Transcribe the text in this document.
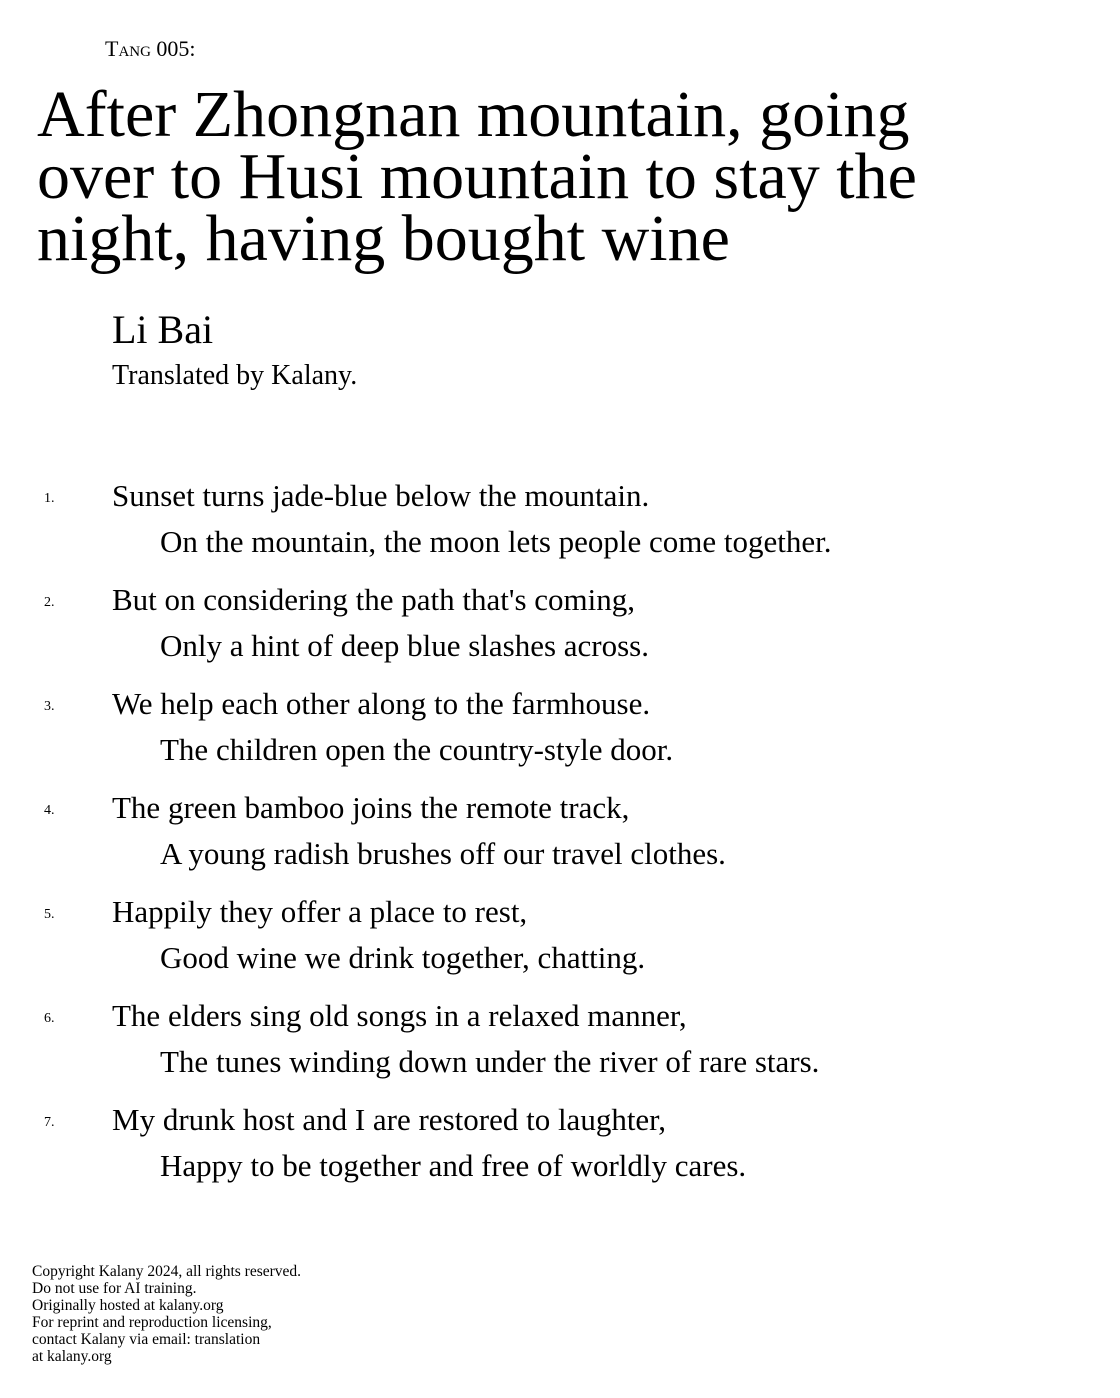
Tang 005:
After Zhongnan mountain, going
over to Husi mountain to stay the
night, having bought wine
Li Bai
Translated by Kalany.
1. Sunset turns jade-blue below the mountain.
On the mountain, the moon lets people come together.
2. But on considering the path that's coming,
Only a hint of deep blue slashes across.
3. We help each other along to the farmhouse.
The children open the country-style door.
4. The green bamboo joins the remote track,
A young radish brushes off our travel clothes.
5. Happily they offer a place to rest,
Good wine we drink together, chatting.
6. The elders sing old songs in a relaxed manner,
The tunes winding down under the river of rare stars.
7. My drunk host and I are restored to laughter,
Happy to be together and free of worldly cares.
Copyright Kalany 2024, all rights reserved.
Do not use for AI training.
Originally hosted at kalany.org
For reprint and reproduction licensing,
contact Kalany via email: translation
at kalany.org
